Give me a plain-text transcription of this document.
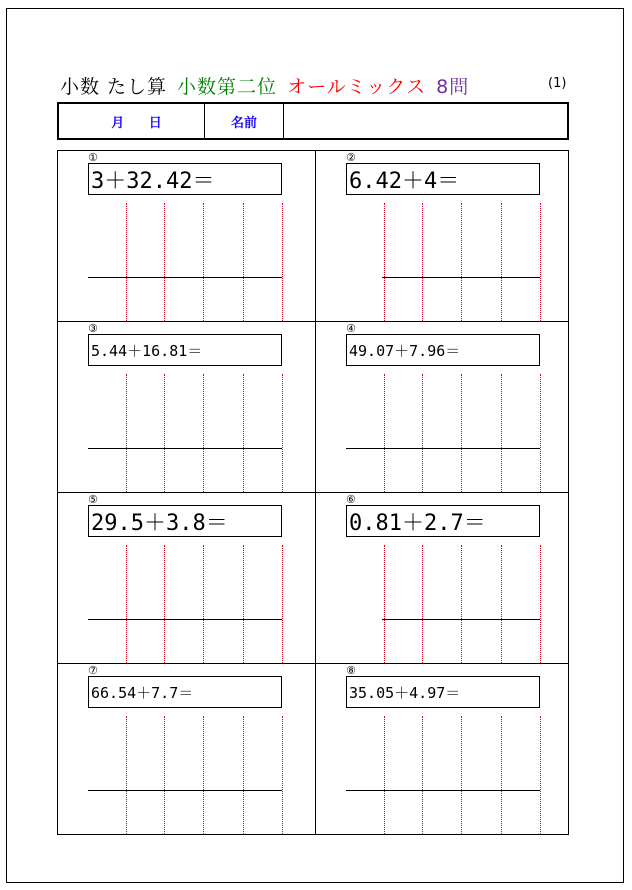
小数 たし算 小数第二位 オールミックス 8問	(1)
月 日	名前
①
3＋32.42＝
②
6.42＋4＝
③
5.44＋16.81＝
④
49.07＋7.96＝
⑤
29.5＋3.8＝
⑥
0.81＋2.7＝
⑦
66.54＋7.7＝
⑧
35.05＋4.97＝
